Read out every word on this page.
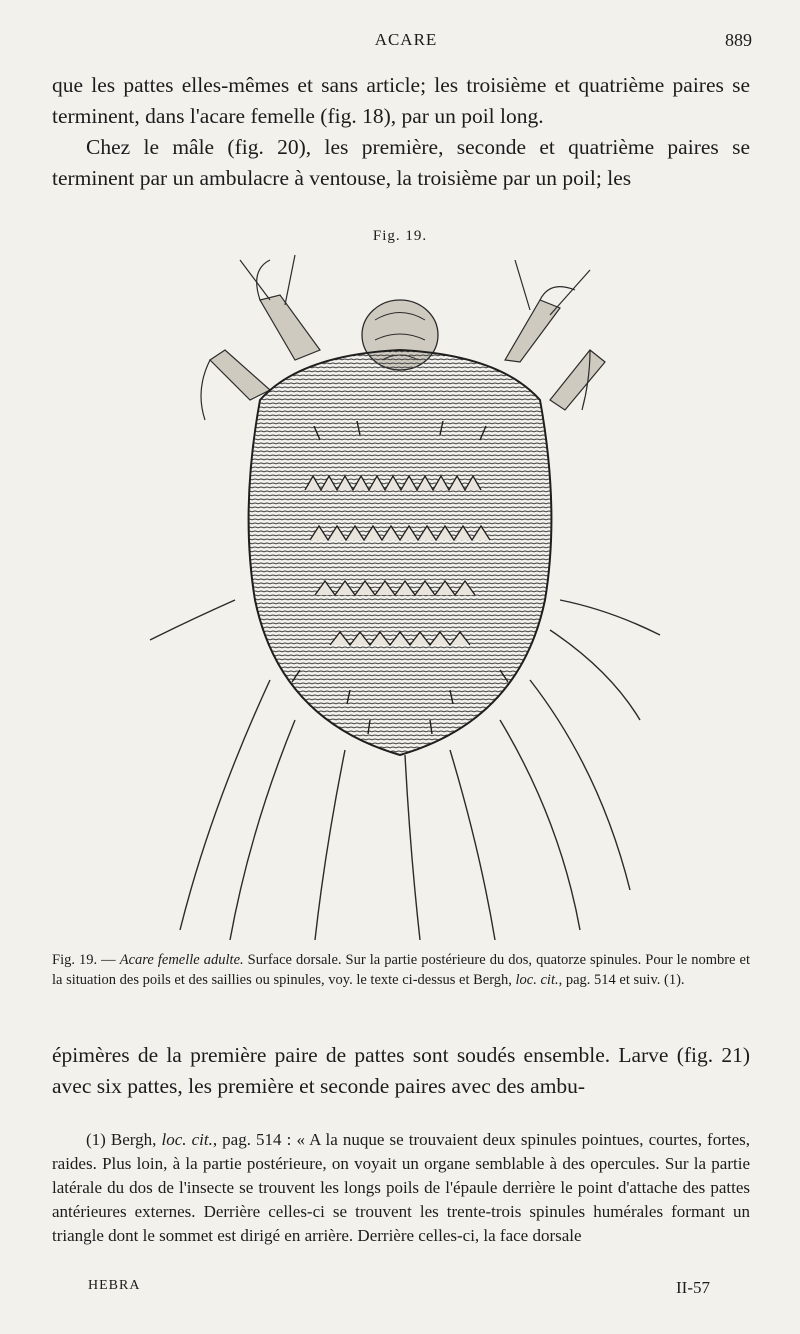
ACARE	889

que les pattes elles-mêmes et sans article; les troisième et quatrième paires se terminent, dans l'acare femelle (fig. 18), par un poil long.

Chez le mâle (fig. 20), les première, seconde et quatrième paires se terminent par un ambulacre à ventouse, la troisième par un poil; les

Fig. 19.

Fig. 19. — Acare femelle adulte. Surface dorsale. Sur la partie postérieure du dos, quatorze spinules. Pour le nombre et la situation des poils et des saillies ou spinules, voy. le texte ci-dessus et Bergh, loc. cit., pag. 514 et suiv. (1).

épimères de la première paire de pattes sont soudés ensemble. Larve (fig. 21) avec six pattes, les première et seconde paires avec des ambu-

(1) Bergh, loc. cit., pag. 514 : « A la nuque se trouvaient deux spinules pointues, courtes, fortes, raides. Plus loin, à la partie postérieure, on voyait un organe semblable à des opercules. Sur la partie latérale du dos de l'insecte se trouvent les longs poils de l'épaule derrière le point d'attache des pattes antérieures externes. Derrière celles-ci se trouvent les trente-trois spinules humérales formant un triangle dont le sommet est dirigé en arrière. Derrière celles-ci, la face dorsale

HEBRA	II-57
